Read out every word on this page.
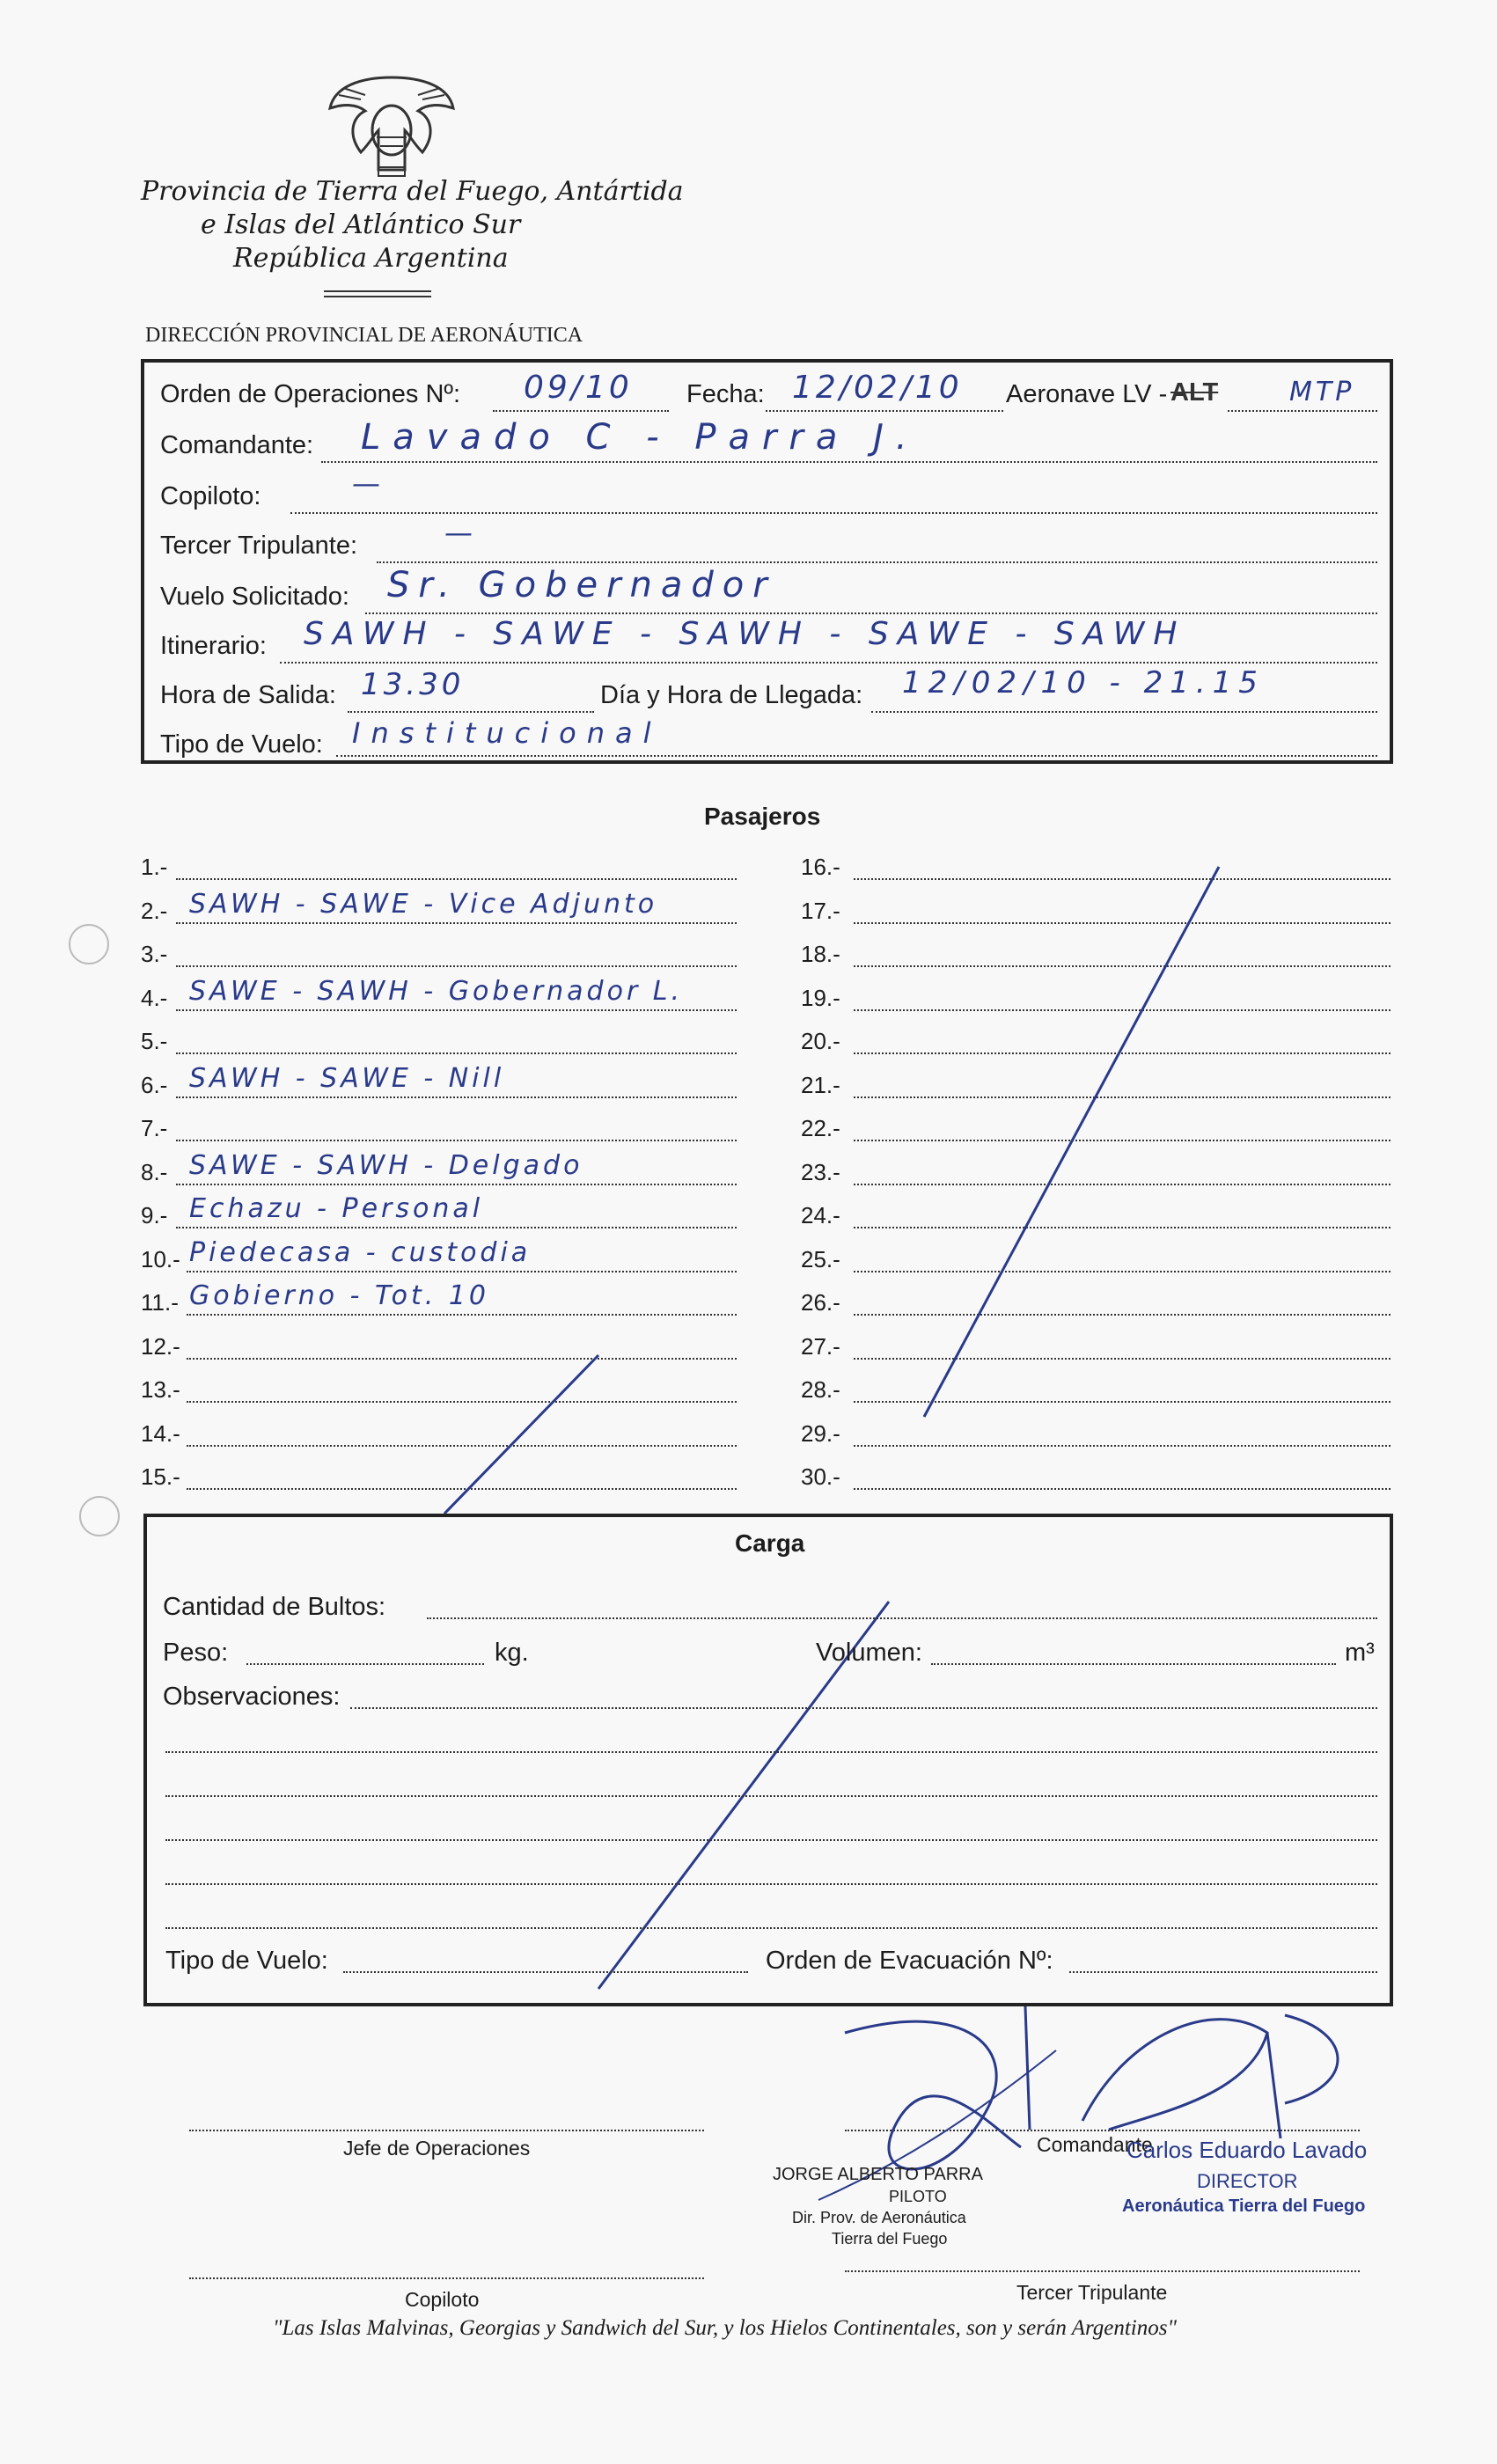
Provincia de Tierra del Fuego, Antártida
e Islas del Atlántico Sur
República Argentina
DIRECCIÓN PROVINCIAL DE AERONÁUTICA
Orden de Operaciones Nº: 09/10 Fecha: 12/02/10 Aeronave LV - ALT	MTP
Comandante: Lavado C - Parra J.
Copiloto:	—
Tercer Tripulante:	—
Vuelo Solicitado: Sr. Gobernador
Itinerario: SAWH - SAWE - SAWH - SAWE - SAWH
Hora de Salida: 13.30	Día y Hora de Llegada: 12/02/10 - 21.15
Tipo de Vuelo: Institucional
Pasajeros
1.-
2.- SAWH - SAWE - Vice Adjunto
3.-
4.- SAWE - SAWH - Gobernador L.
5.-
6.- SAWH - SAWE - Nill
7.-
8.- SAWE - SAWH - Delgado
9.- Echazu - Personal
10.- Piedecasa - custodia
11.- Gobierno - Tot. 10
12.-
13.-
14.-
15.-
16.-
17.-
18.-
19.-
20.-
21.-
22.-
23.-
24.-
25.-
26.-
27.-
28.-
29.-
30.-
Carga
Cantidad de Bultos:
Peso:	kg.	Volumen:	m³
Observaciones:
Tipo de Vuelo:	Orden de Evacuación Nº:
Jefe de Operaciones	Comandante
JORGE ALBERTO PARRA
PILOTO
Dir. Prov. de Aeronáutica
Tierra del Fuego
Carlos Eduardo Lavado
DIRECTOR
Aeronáutica Tierra del Fuego
Copiloto	Tercer Tripulante
"Las Islas Malvinas, Georgias y Sandwich del Sur, y los Hielos Continentales, son y serán Argentinos"
